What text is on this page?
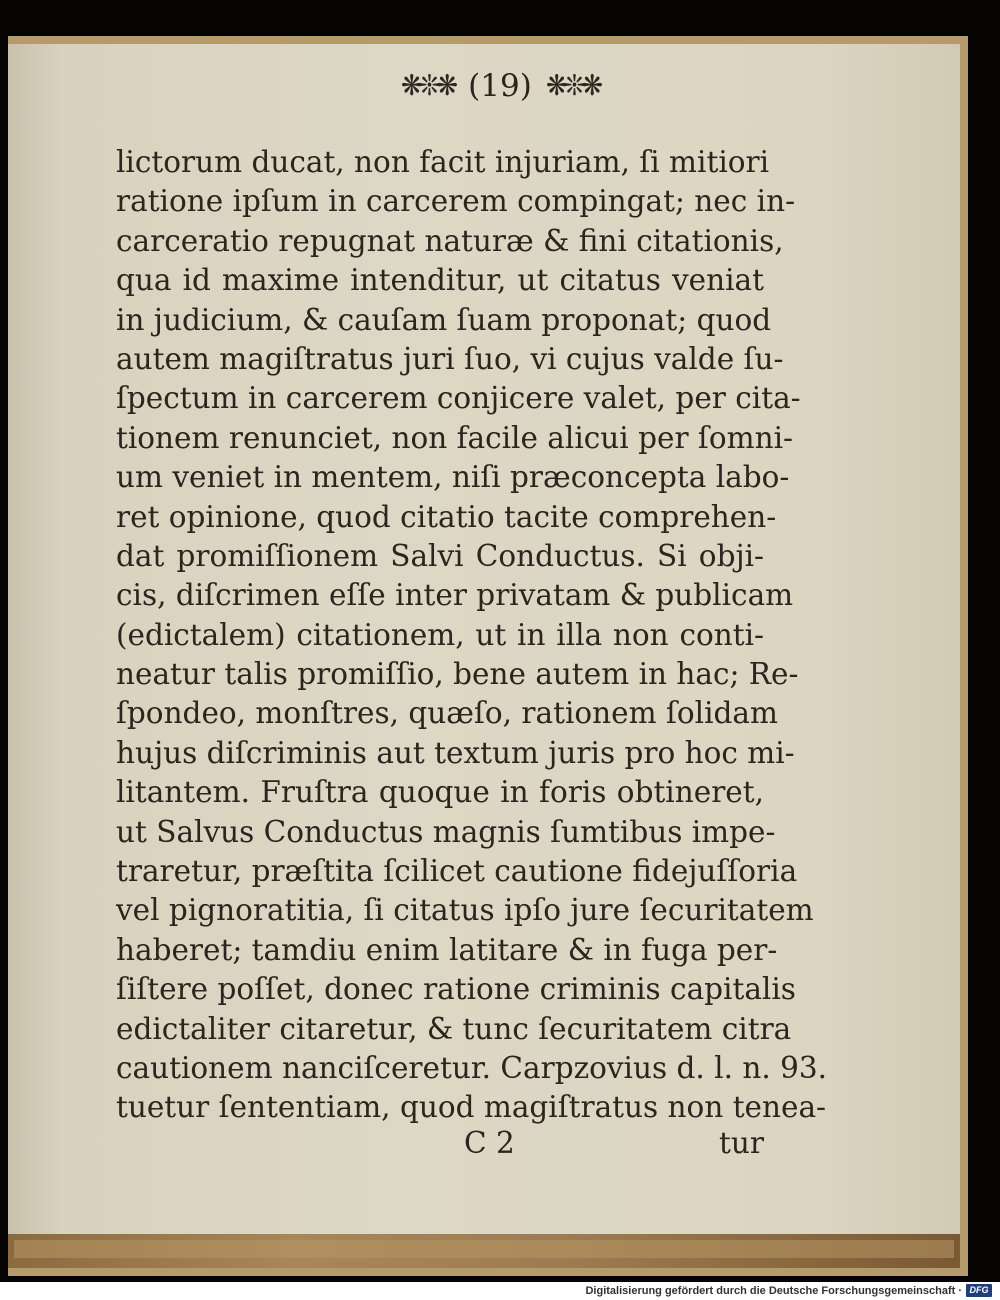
❋❊❋ (19) ❋❊❋
lictorum ducat, non facit injuriam, ſi mitiori
ratione ipſum in carcerem compingat; nec in-
carceratio repugnat naturæ & fini citationis,
qua id maxime intenditur, ut citatus veniat
in judicium, & cauſam ſuam proponat; quod
autem magiſtratus juri ſuo, vi cujus valde ſu-
ſpectum in carcerem conjicere valet, per cita-
tionem renunciet, non facile alicui per ſomni-
um veniet in mentem, niſi præconcepta labo-
ret opinione, quod citatio tacite comprehen-
dat promiſſionem Salvi Conductus. Si obji-
cis, diſcrimen eſſe inter privatam & publicam
(edictalem) citationem, ut in illa non conti-
neatur talis promiſſio, bene autem in hac; Re-
ſpondeo, monſtres, quæſo, rationem ſolidam
hujus diſcriminis aut textum juris pro hoc mi-
litantem. Fruſtra quoque in foris obtineret,
ut Salvus Conductus magnis ſumtibus impe-
traretur, præſtita ſcilicet cautione fidejuſſoria
vel pignoratitia, ſi citatus ipſo jure ſecuritatem
haberet; tamdiu enim latitare & in fuga per-
ſiſtere poſſet, donec ratione criminis capitalis
edictaliter citaretur, & tunc ſecuritatem citra
cautionem nanciſceretur. Carpzovius d. l. n. 93.
tuetur ſententiam, quod magiſtratus non tenea-
C 2	tur
Digitalisierung gefördert durch die Deutsche Forschungsgemeinschaft · DFG
